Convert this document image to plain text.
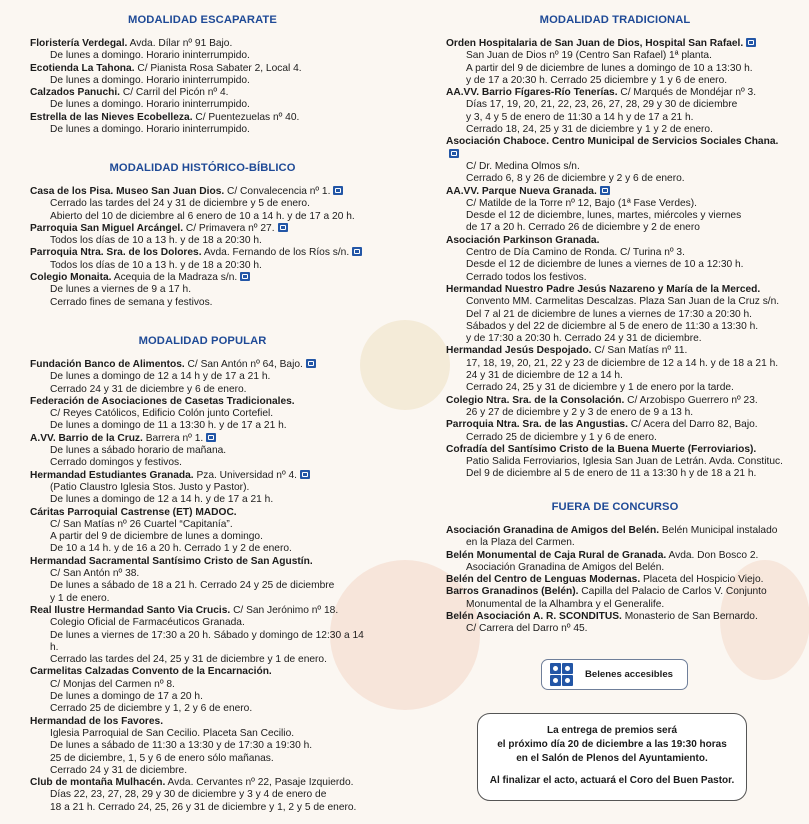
MODALIDAD ESCAPARATE
Floristería Verdegal. Avda. Dílar nº 91 Bajo.
De lunes a domingo. Horario ininterrumpido.
Ecotienda La Tahona. C/ Pianista Rosa Sabater 2, Local 4.
De lunes a domingo. Horario ininterrumpido.
Calzados Panuchi. C/ Carril del Picón nº 4.
De lunes a domingo. Horario ininterrumpido.
Estrella de las Nieves Ecobelleza. C/ Puentezuelas nº 40.
De lunes a domingo. Horario ininterrumpido.
MODALIDAD HISTÓRICO-BÍBLICO
Casa de los Pisa. Museo San Juan Dios. C/ Convalecencia nº 1.
Cerrado las tardes del 24 y 31 de diciembre y 5 de enero.
Abierto del 10 de diciembre al 6 enero de 10 a 14 h. y de 17 a 20 h.
Parroquia San Miguel Arcángel. C/ Primavera nº 27.
Todos los días de 10 a 13 h. y de 18 a 20:30 h.
Parroquia Ntra. Sra. de los Dolores. Avda. Fernando de los Ríos s/n.
Todos los días de 10 a 13 h. y de 18 a 20:30 h.
Colegio Monaita. Acequia de la Madraza s/n.
De lunes a viernes de 9 a 17 h.
Cerrado fines de semana y festivos.
MODALIDAD POPULAR
Fundación Banco de Alimentos. C/ San Antón nº 64, Bajo.
De lunes a domingo de 12 a 14 h y de 17 a 21 h.
Cerrado 24 y 31 de diciembre y 6 de enero.
Federación de Asociaciones de Casetas Tradicionales.
C/ Reyes Católicos, Edificio Colón junto Corteﬁel.
De lunes a domingo de 11 a 13:30 h. y de 17 a 21 h.
A.VV. Barrio de la Cruz. Barrera nº 1.
De lunes a sábado horario de mañana.
Cerrado domingos y festivos.
Hermandad Estudiantes Granada. Pza. Universidad nº 4.
(Patio Claustro Iglesia Stos. Justo y Pastor).
De lunes a domingo de 12 a 14 h. y de 17 a 21 h.
Cáritas Parroquial Castrense (ET) MADOC.
C/ San Matías nº 26 Cuartel “Capitanía”.
A partir del 9 de diciembre de lunes a domingo.
De 10 a 14 h. y de 16 a 20 h. Cerrado 1 y 2 de enero.
Hermandad Sacramental Santísimo Cristo de San Agustín.
C/ San Antón nº 38.
De lunes a sábado de 18 a 21 h. Cerrado 24 y 25 de diciembre
y 1 de enero.
Real Ilustre Hermandad Santo Via Crucis. C/ San Jerónimo nº 18.
Colegio Oficial de Farmacéuticos Granada.
De lunes a viernes de 17:30 a 20 h. Sábado y domingo de 12:30 a 14 h.
Cerrado las tardes del 24, 25 y 31 de diciembre y 1 de enero.
Carmelitas Calzadas Convento de la Encarnación.
C/ Monjas del Carmen nº 8.
De lunes a domingo de 17 a 20 h.
Cerrado 25 de diciembre y 1, 2 y 6 de enero.
Hermandad de los Favores.
Iglesia Parroquial de San Cecilio. Placeta San Cecilio.
De lunes a sábado de 11:30 a 13:30 y de 17:30 a 19:30 h.
25 de diciembre, 1, 5 y 6 de enero sólo mañanas.
Cerrado 24 y 31 de diciembre.
Club de montaña Mulhacén. Avda. Cervantes nº 22, Pasaje Izquierdo.
Días 22, 23, 27, 28, 29 y 30 de diciembre y 3 y 4 de enero de
18 a 21 h. Cerrado 24, 25, 26 y 31 de diciembre y 1, 2 y 5 de enero.
MODALIDAD TRADICIONAL
Orden Hospitalaria de San Juan de Dios, Hospital San Rafael.
San Juan de Dios nº 19 (Centro San Rafael) 1ª planta.
A partir del 9 de diciembre de lunes a domingo de 10 a 13:30 h.
y de 17 a 20:30 h. Cerrado 25 diciembre y 1 y 6 de enero.
AA.VV. Barrio Fígares-Río Tenerías. C/ Marqués de Mondéjar nº 3.
Días 17, 19, 20, 21, 22, 23, 26, 27, 28, 29 y 30 de diciembre
y 3, 4 y 5 de enero de 11:30 a 14 h y de 17 a 21 h.
Cerrado 18, 24, 25 y 31 de diciembre y 1 y 2 de enero.
Asociación Chaboce. Centro Municipal de Servicios Sociales Chana.
C/ Dr. Medina Olmos s/n.
Cerrado 6, 8 y 26 de diciembre y 2 y 6 de enero.
AA.VV. Parque Nueva Granada.
C/ Matilde de la Torre nº 12, Bajo (1ª Fase Verdes).
Desde el 12 de diciembre, lunes, martes, miércoles y viernes
de 17 a 20 h. Cerrado 26 de diciembre y 2 de enero
Asociación Parkinson Granada.
Centro de Día Camino de Ronda. C/ Turina nº 3.
Desde el 12 de diciembre de lunes a viernes de 10 a 12:30 h.
Cerrado todos los festivos.
Hermandad Nuestro Padre Jesús Nazareno y María de la Merced.
Convento MM. Carmelitas Descalzas. Plaza San Juan de la Cruz s/n.
Del 7 al 21 de diciembre de lunes a viernes de 17:30 a 20:30 h.
Sábados y del 22 de diciembre al 5 de enero de 11:30 a 13:30 h.
y de 17:30 a 20:30 h. Cerrado 24 y 31 de diciembre.
Hermandad Jesús Despojado. C/ San Matías nº 11.
17, 18, 19, 20, 21, 22 y 23 de diciembre de 12 a 14 h. y de 18 a 21 h.
24 y 31 de diciembre de 12 a 14 h.
Cerrado 24, 25 y 31 de diciembre y 1 de enero por la tarde.
Colegio Ntra. Sra. de la Consolación. C/ Arzobispo Guerrero nº 23.
26 y 27 de diciembre y 2 y 3 de enero de 9 a 13 h.
Parroquia Ntra. Sra. de las Angustias. C/ Acera del Darro 82, Bajo.
Cerrado 25 de diciembre y 1 y 6 de enero.
Cofradía del Santísimo Cristo de la Buena Muerte (Ferroviarios).
Patio Salida Ferroviarios, Iglesia San Juan de Letrán. Avda. Constituc.
Del 9 de diciembre al 5 de enero de 11 a 13:30 h y de 18 a 21 h.
FUERA DE CONCURSO
Asociación Granadina de Amigos del Belén. Belén Municipal instalado
en la Plaza del Carmen.
Belén Monumental de Caja Rural de Granada. Avda. Don Bosco 2.
Asociación Granadina de Amigos del Belén.
Belén del Centro de Lenguas Modernas. Placeta del Hospicio Viejo.
Barros Granadinos (Belén). Capilla del Palacio de Carlos V. Conjunto
Monumental de la Alhambra y el Generalife.
Belén Asociación A. R. SCONDITUS. Monasterio de San Bernardo.
C/ Carrera del Darro nº 45.
Belenes accesibles

La entrega de premios será

el próximo día 20 de diciembre a las 19:30 horas

en el Salón de Plenos del Ayuntamiento.

Al finalizar el acto, actuará el Coro del Buen Pastor.
